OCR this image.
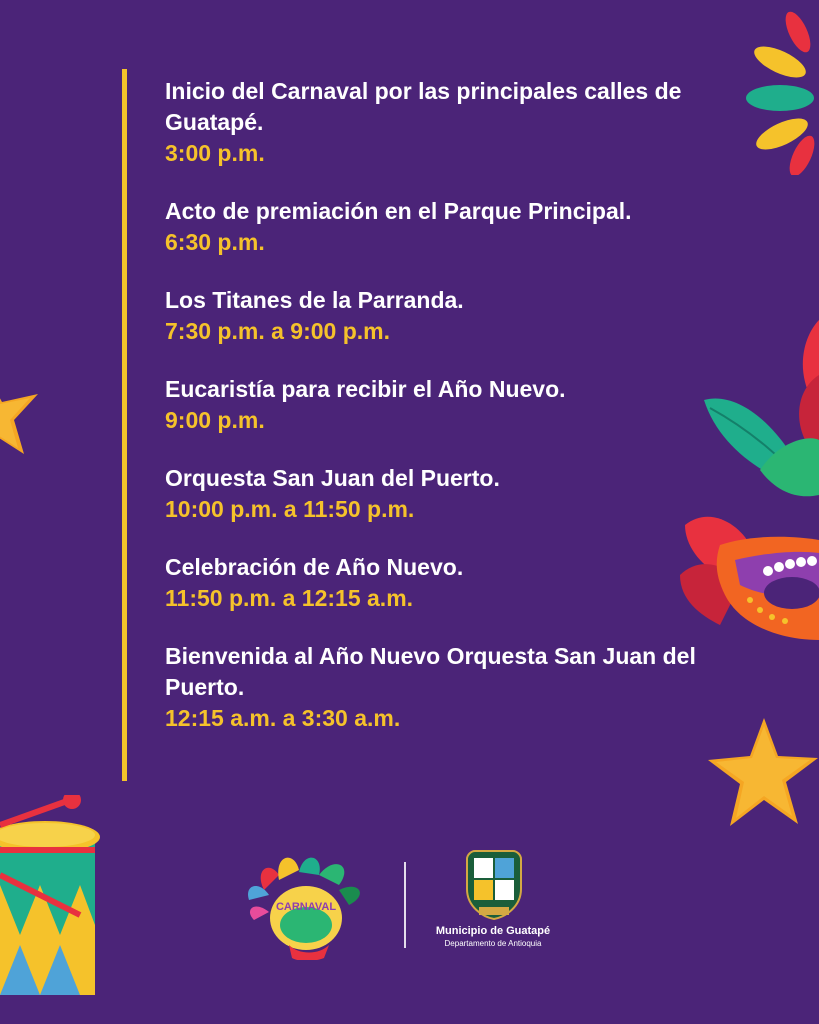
Inicio del Carnaval por las principales calles de Guatapé.
3:00 p.m.
Acto de premiación en el Parque Principal.
6:30 p.m.
Los Titanes de la Parranda.
7:30 p.m. a 9:00 p.m.
Eucaristía para recibir el Año Nuevo.
9:00 p.m.
Orquesta San Juan del Puerto.
10:00 p.m. a 11:50 p.m.
Celebración de Año Nuevo.
11:50 p.m. a 12:15 a.m.
Bienvenida al Año Nuevo Orquesta San Juan del Puerto.
12:15 a.m. a 3:30 a.m.
CARNAVAL
Municipio de Guatapé
Departamento de Antioquia
